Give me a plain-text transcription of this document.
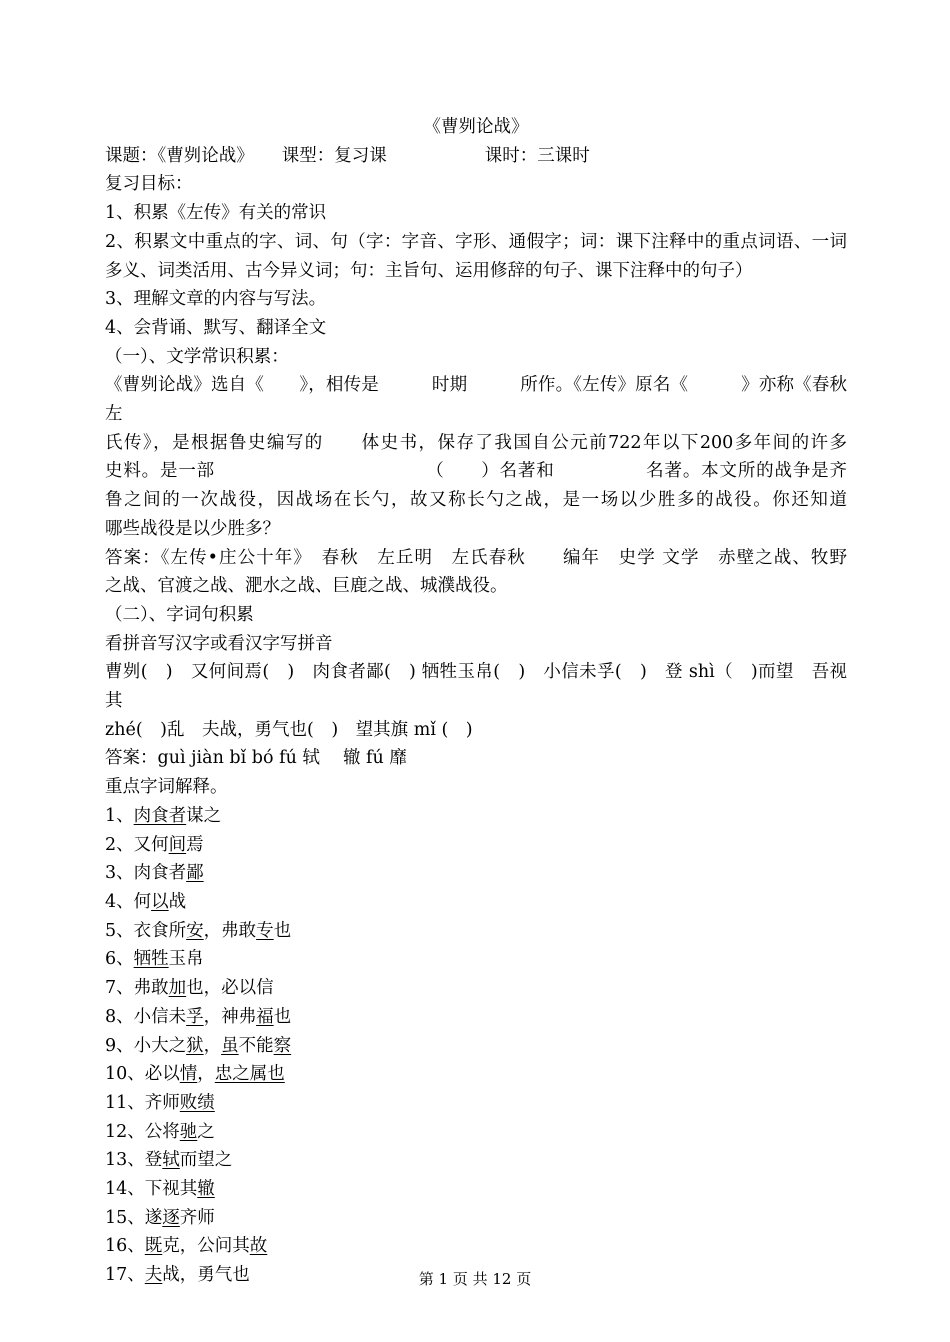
《曹刿论战》
课题：《曹刿论战》 课型：复习课	课时：三课时
复习目标：
1、积累《左传》有关的常识
2、积累文中重点的字、词、句（字：字音、字形、通假字；词：课下注释中的重点词语、一词
多义、词类活用、古今异义词；句：主旨句、运用修辞的句子、课下注释中的句子）
3、理解文章的内容与写法。
4、会背诵、默写、翻译全文
（一）、文学常识积累：
《曹刿论战》选自《　　》，相传是　　　时期　　　所作。《左传》原名《　　　》亦称《春秋左
氏传》，是根据鲁史编写的　　体史书，保存了我国自公元前722年以下200多年间的许多
史料。是一部　　　　　　　　　　　　（　　）名著和　　　　　名著。本文所的战争是齐
鲁之间的一次战役，因战场在长勺，故又称长勺之战，是一场以少胜多的战役。你还知道
哪些战役是以少胜多？
答案：《左传•庄公十年》　春秋　左丘明　左氏春秋　　编年　史学 文学　赤壁之战、牧野
之战、官渡之战、淝水之战、巨鹿之战、城濮战役。
（二）、字词句积累
看拼音写汉字或看汉字写拼音
曹刿(　)　又何间焉(　)　肉食者鄙(　) 牺牲玉帛(　)　小信未孚(　)　登 shì（　)而望　吾视其
zhé(　)乱　夫战，勇气也(　)　望其旗 mǐ (　)
答案：guì jiàn bǐ bó fú 轼　 辙 fú 靡
重点字词解释。
1、肉食者谋之
2、又何间焉
3、肉食者鄙
4、何以战
5、衣食所安，弗敢专也
6、牺牲玉帛
7、弗敢加也，必以信
8、小信未孚，神弗福也
9、小大之狱，虽不能察
10、必以情，忠之属也
11、齐师败绩
12、公将驰之
13、登轼而望之
14、下视其辙
15、遂逐齐师
16、既克，公问其故
17、夫战，勇气也	第 1 页 共 12 页
